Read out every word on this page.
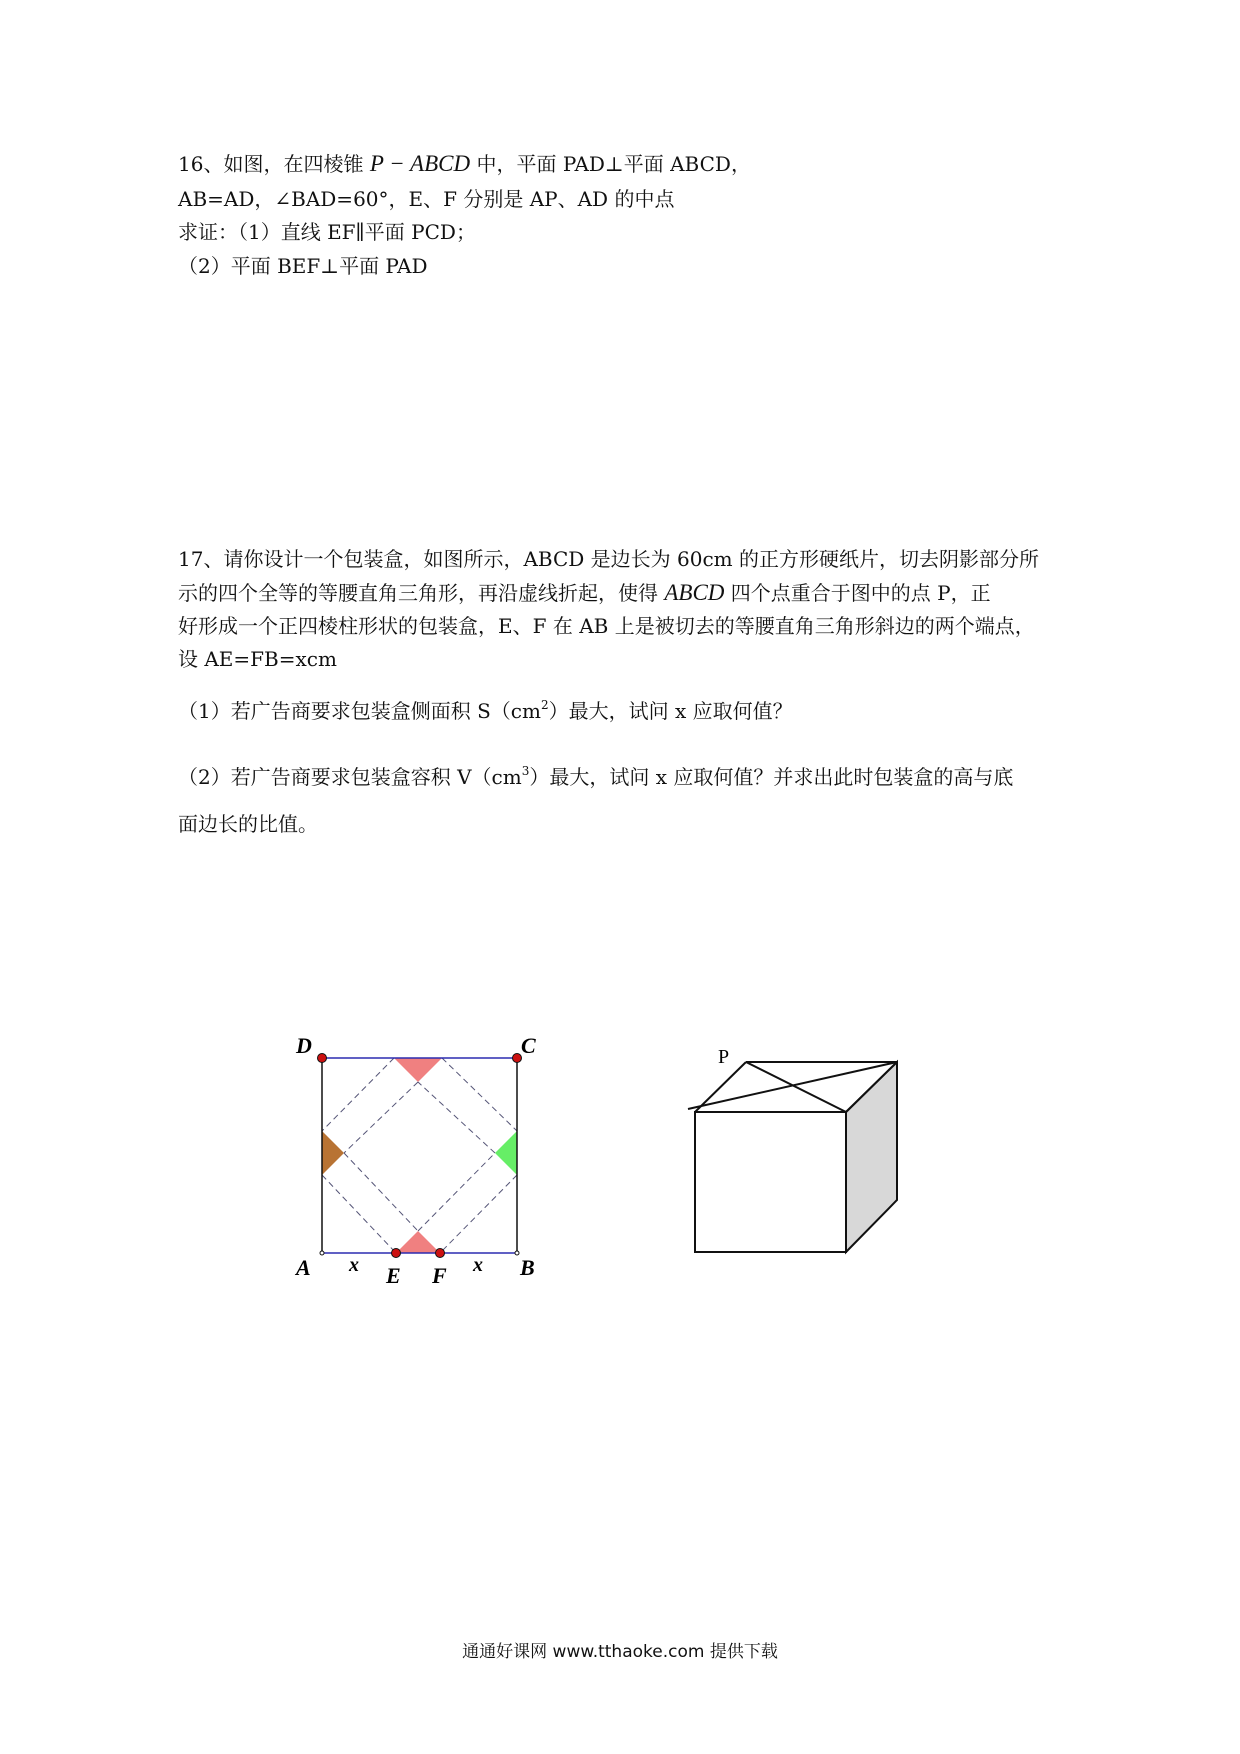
16、如图，在四棱锥 P − ABCD 中，平面 PAD⊥平面 ABCD，
AB=AD，∠BAD=60°，E、F 分别是 AP、AD 的中点
求证：（1）直线 EF∥平面 PCD；
（2）平面 BEF⊥平面 PAD
17、请你设计一个包装盒，如图所示，ABCD 是边长为 60cm 的正方形硬纸片，切去阴影部分所
示的四个全等的等腰直角三角形，再沿虚线折起，使得 ABCD 四个点重合于图中的点 P，正
好形成一个正四棱柱形状的包装盒，E、F 在 AB 上是被切去的等腰直角三角形斜边的两个端点，
设 AE=FB=xcm
（1）若广告商要求包装盒侧面积 $S(cm^2)$最大，试问 x 应取何值？
（2）若广告商要求包装盒容积 $V(cm^3)$最大，试问 x 应取何值？并求出此时包装盒的高与底
面边长的比值。
D	C
A	B
E F
x	x
P
通通好课网 www.tthaoke.com 提供下载
